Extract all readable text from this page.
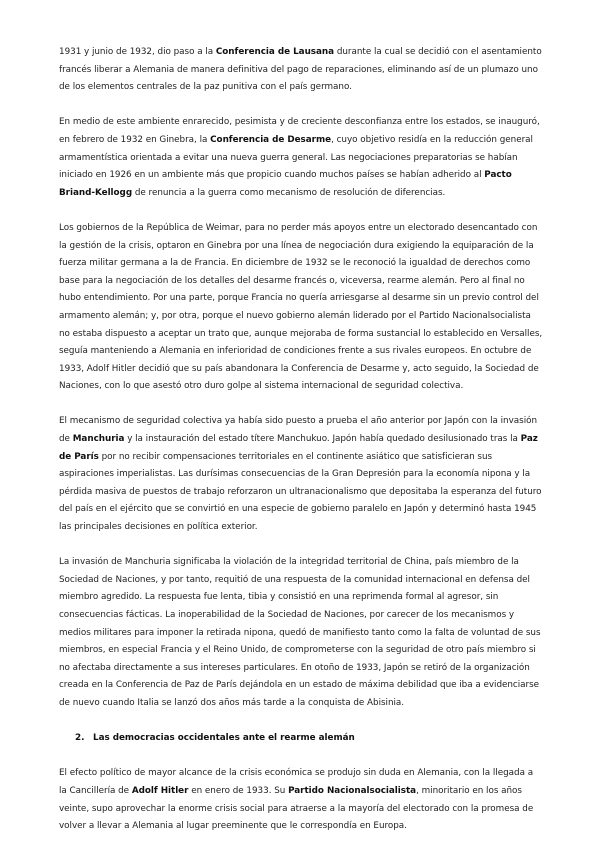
1931 y junio de 1932, dio paso a la Conferencia de Lausana durante la cual se decidió con el asentamiento francés liberar a Alemania de manera definitiva del pago de reparaciones, eliminando así de un plumazo uno de los elementos centrales de la paz punitiva con el país germano.

En medio de este ambiente enrarecido, pesimista y de creciente desconfianza entre los estados, se inauguró, en febrero de 1932 en Ginebra, la Conferencia de Desarme, cuyo objetivo residía en la reducción general armamentística orientada a evitar una nueva guerra general. Las negociaciones preparatorias se habían iniciado en 1926 en un ambiente más que propicio cuando muchos países se habían adherido al Pacto Briand-Kellogg de renuncia a la guerra como mecanismo de resolución de diferencias.

Los gobiernos de la República de Weimar, para no perder más apoyos entre un electorado desencantado con la gestión de la crisis, optaron en Ginebra por una línea de negociación dura exigiendo la equiparación de la fuerza militar germana a la de Francia. En diciembre de 1932 se le reconoció la igualdad de derechos como base para la negociación de los detalles del desarme francés o, viceversa, rearme alemán. Pero al final no hubo entendimiento. Por una parte, porque Francia no quería arriesgarse al desarme sin un previo control del armamento alemán; y, por otra, porque el nuevo gobierno alemán liderado por el Partido Nacionalsocialista no estaba dispuesto a aceptar un trato que, aunque mejoraba de forma sustancial lo establecido en Versalles, seguía manteniendo a Alemania en inferioridad de condiciones frente a sus rivales europeos. En octubre de 1933, Adolf Hitler decidió que su país abandonara la Conferencia de Desarme y, acto seguido, la Sociedad de Naciones, con lo que asestó otro duro golpe al sistema internacional de seguridad colectiva.

El mecanismo de seguridad colectiva ya había sido puesto a prueba el año anterior por Japón con la invasión de Manchuria y la instauración del estado títere Manchukuo. Japón había quedado desilusionado tras la Paz de París por no recibir compensaciones territoriales en el continente asiático que satisficieran sus aspiraciones imperialistas. Las durísimas consecuencias de la Gran Depresión para la economía nipona y la pérdida masiva de puestos de trabajo reforzaron un ultranacionalismo que depositaba la esperanza del futuro del país en el ejército que se convirtió en una especie de gobierno paralelo en Japón y determinó hasta 1945 las principales decisiones en política exterior.

La invasión de Manchuria significaba la violación de la integridad territorial de China, país miembro de la Sociedad de Naciones, y por tanto, requitió de una respuesta de la comunidad internacional en defensa del miembro agredido. La respuesta fue lenta, tibia y consistió en una reprimenda formal al agresor, sin consecuencias fácticas. La inoperabilidad de la Sociedad de Naciones, por carecer de los mecanismos y medios militares para imponer la retirada nipona, quedó de manifiesto tanto como la falta de voluntad de sus miembros, en especial Francia y el Reino Unido, de comprometerse con la seguridad de otro país miembro si no afectaba directamente a sus intereses particulares. En otoño de 1933, Japón se retiró de la organización creada en la Conferencia de Paz de París dejándola en un estado de máxima debilidad que iba a evidenciarse de nuevo cuando Italia se lanzó dos años más tarde a la conquista de Abisinia.

2. Las democracias occidentales ante el rearme alemán

El efecto político de mayor alcance de la crisis económica se produjo sin duda en Alemania, con la llegada a la Cancillería de Adolf Hitler en enero de 1933. Su Partido Nacionalsocialista, minoritario en los años veinte, supo aprovechar la enorme crisis social para atraerse a la mayoría del electorado con la promesa de volver a llevar a Alemania al lugar preeminente que le correspondía en Europa.
